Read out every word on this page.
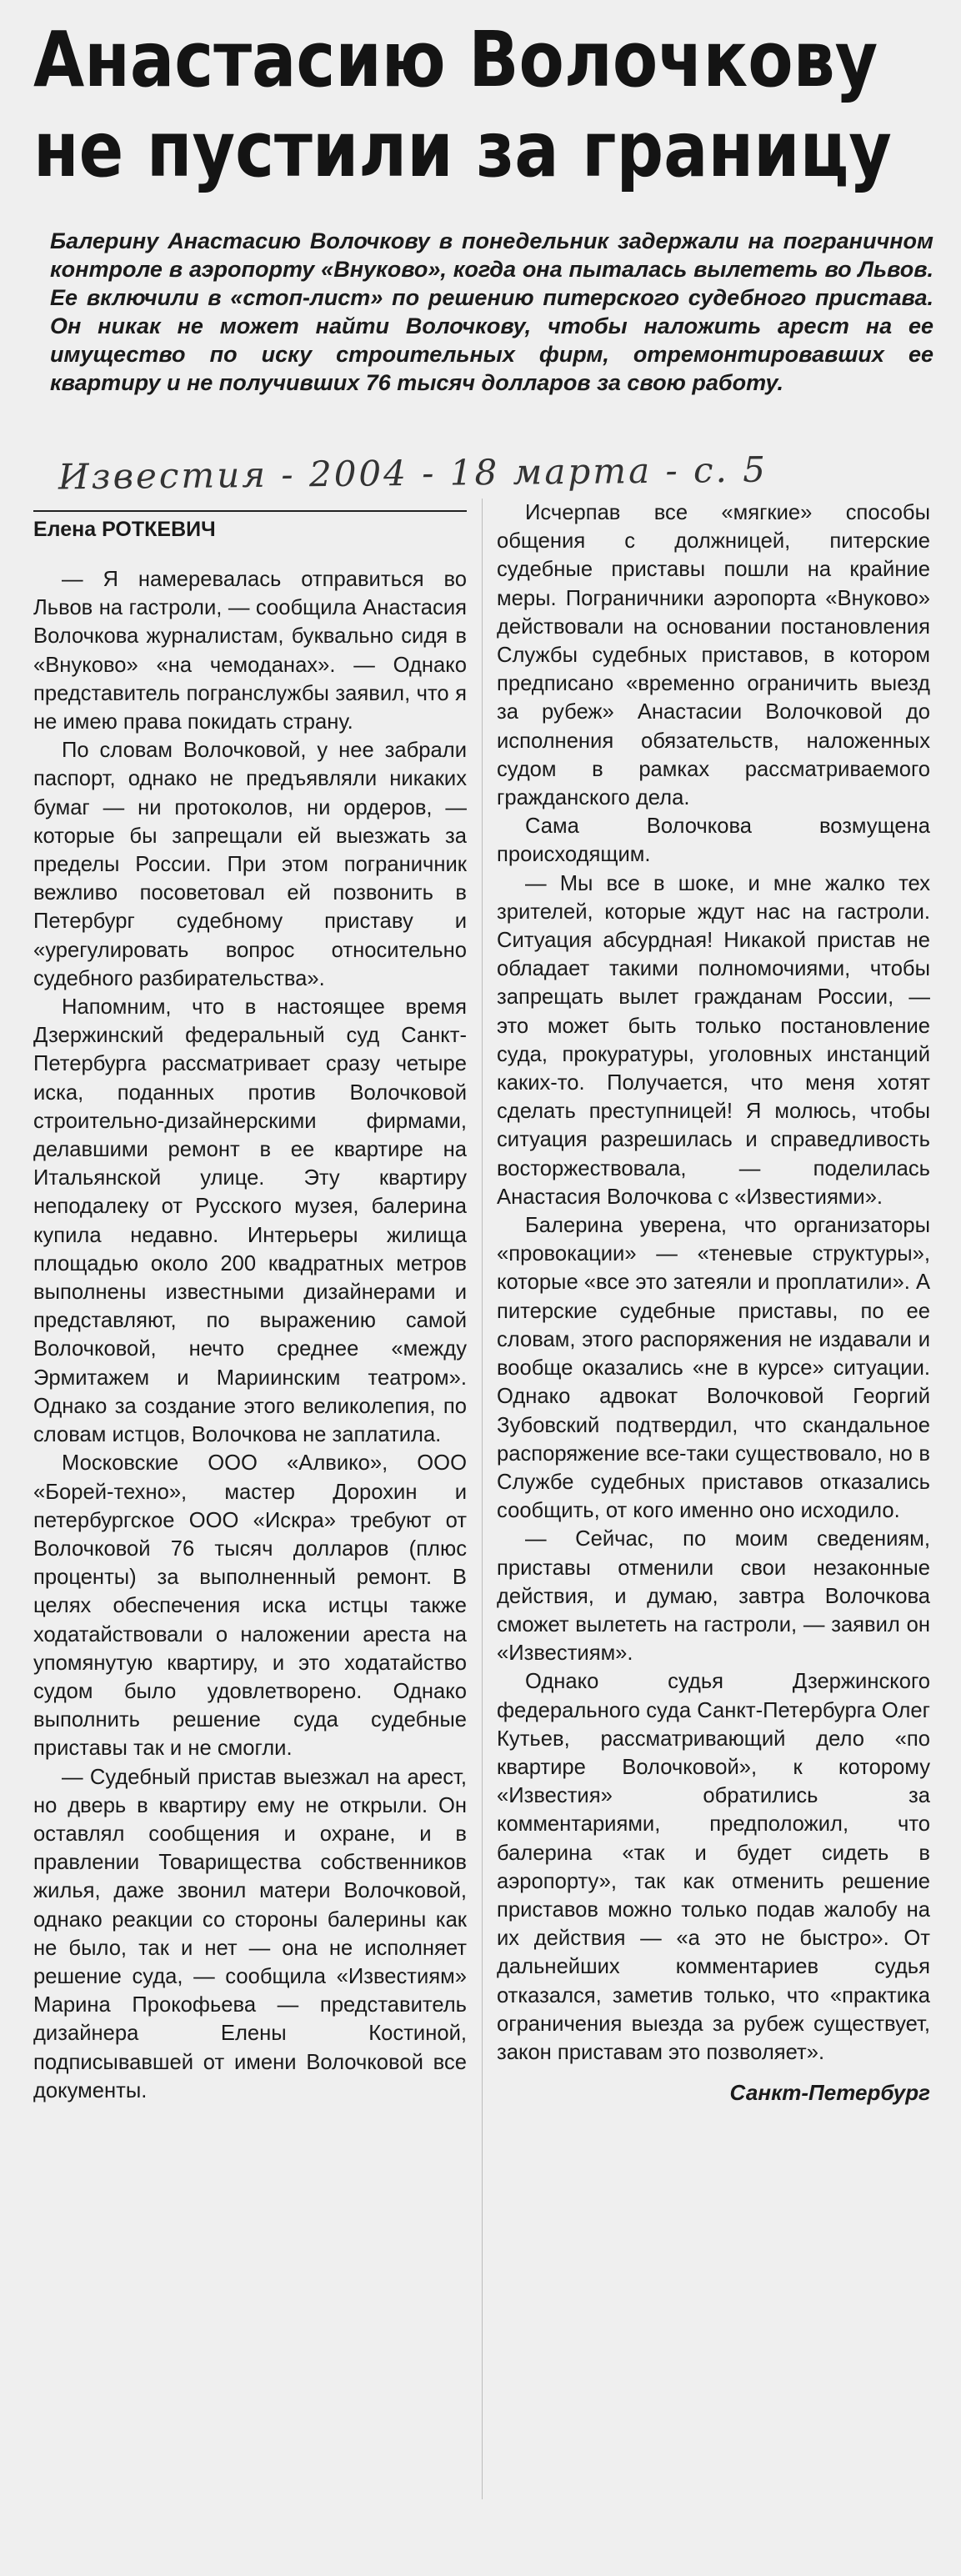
Анастасию Волочкову
не пустили за границу

Балерину Анастасию Волочкову в понедельник задержали на пограничном контроле в аэропорту «Внуково», когда она пыталась вылететь во Львов. Ее включили в «стоп-лист» по решению питерского судебного пристава. Он никак не может найти Волочкову, чтобы наложить арест на ее имущество по иску строительных фирм, отремонтировавших ее квартиру и не получивших 76 тысяч долларов за свою работу.

Известия - 2004 - 18 марта - с. 5
Елена РОТКЕВИЧ

— Я намеревалась отправиться во Львов на гастроли, — сообщила Анастасия Волочкова журналистам, буквально сидя в «Внуково» «на чемоданах». — Однако представитель погранслужбы заявил, что я не имею права покидать страну.

По словам Волочковой, у нее забрали паспорт, однако не предъявляли никаких бумаг — ни протоколов, ни ордеров, — которые бы запрещали ей выезжать за пределы России. При этом пограничник вежливо посоветовал ей позвонить в Петербург судебному приставу и «урегулировать вопрос относительно судебного разбирательства».

Напомним, что в настоящее время Дзержинский федеральный суд Санкт-Петербурга рассматривает сразу четыре иска, поданных против Волочковой строительно-дизайнерскими фирмами, делавшими ремонт в ее квартире на Итальянской улице. Эту квартиру неподалеку от Русского музея, балерина купила недавно. Интерьеры жилища площадью около 200 квадратных метров выполнены известными дизайнерами и представляют, по выражению самой Волочковой, нечто среднее «между Эрмитажем и Мариинским театром». Однако за создание этого великолепия, по словам истцов, Волочкова не заплатила.

Московские ООО «Алвико», ООО «Борей-техно», мастер Дорохин и петербургское ООО «Искра» требуют от Волочковой 76 тысяч долларов (плюс проценты) за выполненный ремонт. В целях обеспечения иска истцы также ходатайствовали о наложении ареста на упомянутую квартиру, и это ходатайство судом было удовлетворено. Однако выполнить решение суда судебные приставы так и не смогли.

— Судебный пристав выезжал на арест, но дверь в квартиру ему не открыли. Он оставлял сообщения и охране, и в правлении Товарищества собственников жилья, даже звонил матери Волочковой, однако реакции со стороны балерины как не было, так и нет — она не исполняет решение суда, — сообщила «Известиям» Марина Прокофьева — представитель дизайнера Елены Костиной, подписывавшей от имени Волочковой все документы.

Исчерпав все «мягкие» способы общения с должницей, питерские судебные приставы пошли на крайние меры. Пограничники аэропорта «Внуково» действовали на основании постановления Службы судебных приставов, в котором предписано «временно ограничить выезд за рубеж» Анастасии Волочковой до исполнения обязательств, наложенных судом в рамках рассматриваемого гражданского дела.

Сама Волочкова возмущена происходящим.

— Мы все в шоке, и мне жалко тех зрителей, которые ждут нас на гастроли. Ситуация абсурдная! Никакой пристав не обладает такими полномочиями, чтобы запрещать вылет гражданам России, — это может быть только постановление суда, прокуратуры, уголовных инстанций каких-то. Получается, что меня хотят сделать преступницей! Я молюсь, чтобы ситуация разрешилась и справедливость восторжествовала, — поделилась Анастасия Волочкова с «Известиями».

Балерина уверена, что организаторы «провокации» — «теневые структуры», которые «все это затеяли и проплатили». А питерские судебные приставы, по ее словам, этого распоряжения не издавали и вообще оказались «не в курсе» ситуации. Однако адвокат Волочковой Георгий Зубовский подтвердил, что скандальное распоряжение все-таки существовало, но в Службе судебных приставов отказались сообщить, от кого именно оно исходило.

— Сейчас, по моим сведениям, приставы отменили свои незаконные действия, и думаю, завтра Волочкова сможет вылететь на гастроли, — заявил он «Известиям».

Однако судья Дзержинского федерального суда Санкт-Петербурга Олег Кутьев, рассматривающий дело «по квартире Волочковой», к которому «Известия» обратились за комментариями, предположил, что балерина «так и будет сидеть в аэропорту», так как отменить решение приставов можно только подав жалобу на их действия — «а это не быстро». От дальнейших комментариев судья отказался, заметив только, что «практика ограничения выезда за рубеж существует, закон приставам это позволяет».

Санкт-Петербург
